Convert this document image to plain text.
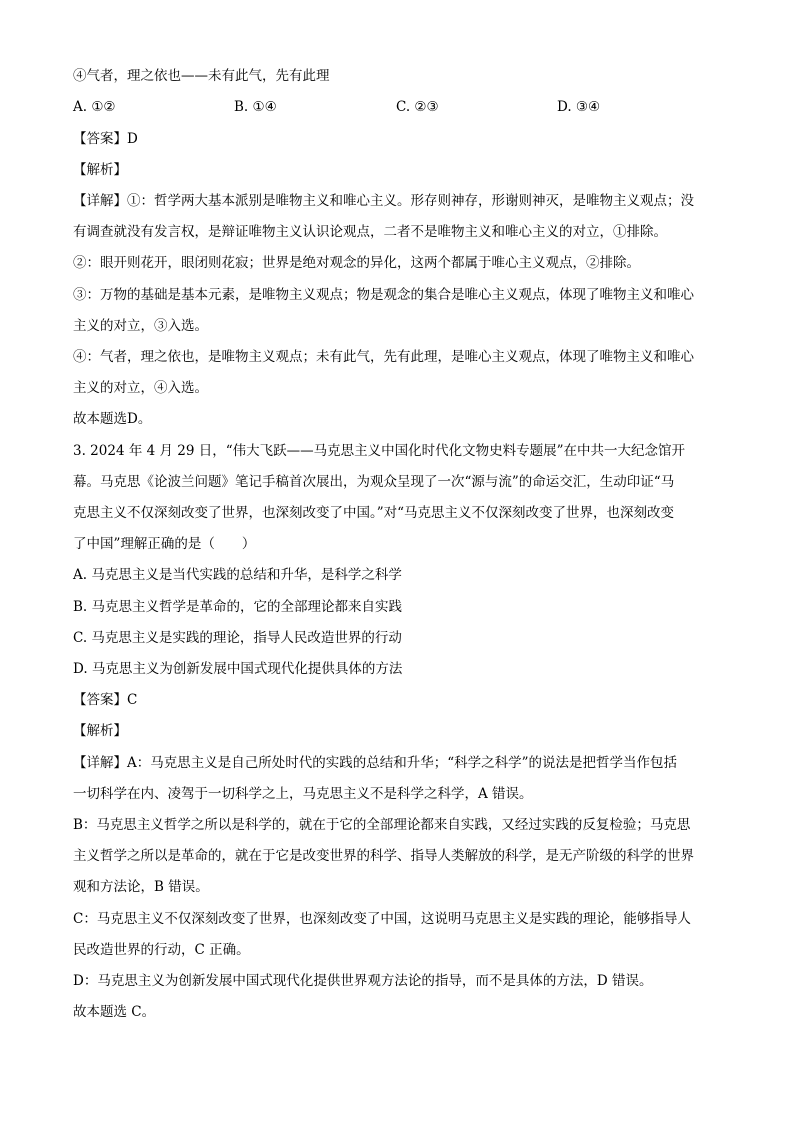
④气者，理之依也——未有此气，先有此理
A. ①②	B. ①④	C. ②③	D. ③④
【答案】D
【解析】
【详解】①：哲学两大基本派别是唯物主义和唯心主义。形存则神存，形谢则神灭，是唯物主义观点；没
有调查就没有发言权，是辩证唯物主义认识论观点，二者不是唯物主义和唯心主义的对立，①排除。
②：眼开则花开，眼闭则花寂；世界是绝对观念的异化，这两个都属于唯心主义观点，②排除。
③：万物的基础是基本元素，是唯物主义观点；物是观念的集合是唯心主义观点，体现了唯物主义和唯心
主义的对立，③入选。
④：气者，理之依也，是唯物主义观点；未有此气，先有此理，是唯心主义观点，体现了唯物主义和唯心
主义的对立，④入选。
故本题选D。
3. 2024 年 4 月 29 日，“伟大飞跃——马克思主义中国化时代化文物史料专题展”在中共一大纪念馆开
幕。马克思《论波兰问题》笔记手稿首次展出，为观众呈现了一次“源与流”的命运交汇，生动印证“马
克思主义不仅深刻改变了世界，也深刻改变了中国。”对“马克思主义不仅深刻改变了世界，也深刻改变
了中国”理解正确的是（　　）
A. 马克思主义是当代实践的总结和升华，是科学之科学
B. 马克思主义哲学是革命的，它的全部理论都来自实践
C. 马克思主义是实践的理论，指导人民改造世界的行动
D. 马克思主义为创新发展中国式现代化提供具体的方法
【答案】C
【解析】
【详解】A：马克思主义是自己所处时代的实践的总结和升华；“科学之科学”的说法是把哲学当作包括
一切科学在内、凌驾于一切科学之上，马克思主义不是科学之科学，A 错误。
B：马克思主义哲学之所以是科学的，就在于它的全部理论都来自实践，又经过实践的反复检验；马克思
主义哲学之所以是革命的，就在于它是改变世界的科学、指导人类解放的科学，是无产阶级的科学的世界
观和方法论，B 错误。
C：马克思主义不仅深刻改变了世界，也深刻改变了中国，这说明马克思主义是实践的理论，能够指导人
民改造世界的行动，C 正确。
D：马克思主义为创新发展中国式现代化提供世界观方法论的指导，而不是具体的方法，D 错误。
故本题选 C。
